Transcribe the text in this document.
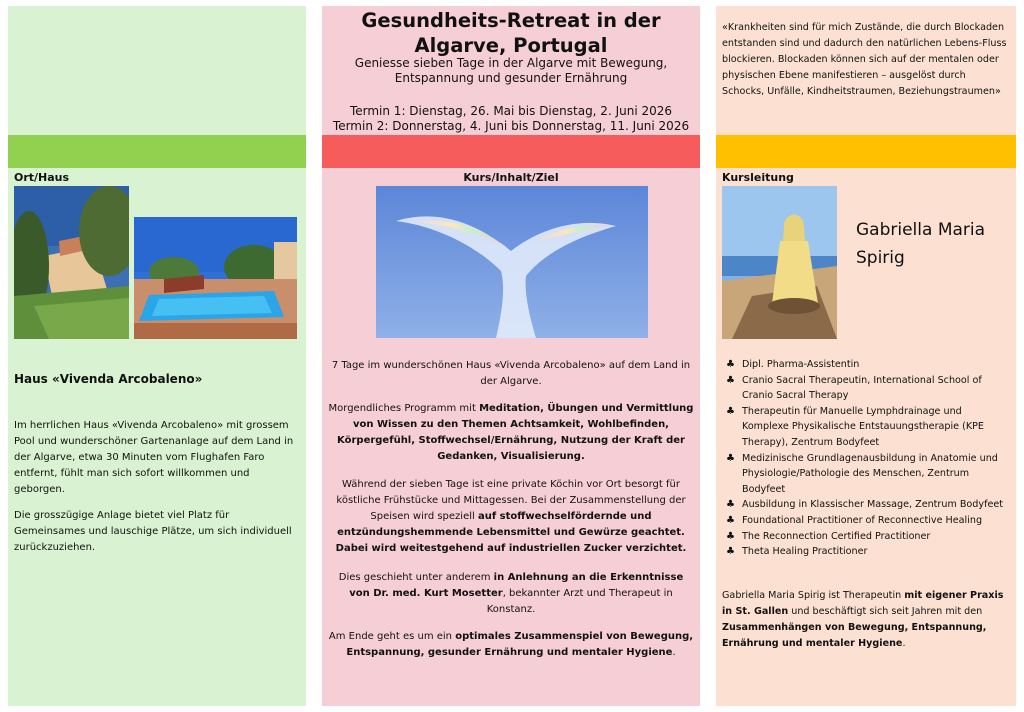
Ort/Haus
Haus «Vivenda Arcobaleno»

Im herrlichen Haus «Vivenda Arcobaleno» mit grossem Pool und wunderschöner Gartenanlage auf dem Land in der Algarve, etwa 30 Minuten vom Flughafen Faro entfernt, fühlt man sich sofort willkommen und geborgen.

Die grosszügige Anlage bietet viel Platz für Gemeinsames und lauschige Plätze, um sich individuell zurückzuziehen.

Gesundheits-Retreat in der
Algarve, Portugal
Geniesse sieben Tage in der Algarve mit Bewegung,
Entspannung und gesunder Ernährung
Termin 1: Dienstag, 26. Mai bis Dienstag, 2. Juni 2026
Termin 2: Donnerstag, 4. Juni bis Donnerstag, 11. Juni 2026
Kurs/Inhalt/Ziel

7 Tage im wunderschönen Haus «Vivenda Arcobaleno» auf dem Land in der Algarve.

Morgendliches Programm mit Meditation, Übungen und Vermittlung von Wissen zu den Themen Achtsamkeit, Wohlbefinden, Körpergefühl, Stoffwechsel/Ernährung, Nutzung der Kraft der Gedanken, Visualisierung.

Während der sieben Tage ist eine private Köchin vor Ort besorgt für köstliche Frühstücke und Mittagessen. Bei der Zusammenstellung der Speisen wird speziell auf stoffwechselfördernde und entzündungshemmende Lebensmittel und Gewürze geachtet. Dabei wird weitestgehend auf industriellen Zucker verzichtet.

Dies geschieht unter anderem in Anlehnung an die Erkenntnisse von Dr. med. Kurt Mosetter, bekannter Arzt und Therapeut in Konstanz.

Am Ende geht es um ein optimales Zusammenspiel von Bewegung, Entspannung, gesunder Ernährung und mentaler Hygiene.

«Krankheiten sind für mich Zustände, die durch Blockaden entstanden sind und dadurch den natürlichen Lebens-Fluss blockieren. Blockaden können sich auf der mentalen oder physischen Ebene manifestieren – ausgelöst durch Schocks, Unfälle, Kindheitstraumen, Beziehungstraumen»

Kursleitung
Gabriella Maria
Spirig
♣ Dipl. Pharma-Assistentin
♣ Cranio Sacral Therapeutin, International School of Cranio Sacral Therapy
♣ Therapeutin für Manuelle Lymphdrainage und Komplexe Physikalische Entstauungstherapie (KPE Therapy), Zentrum Bodyfeet
♣ Medizinische Grundlagenausbildung in Anatomie und Physiologie/Pathologie des Menschen, Zentrum Bodyfeet
♣ Ausbildung in Klassischer Massage, Zentrum Bodyfeet
♣ Foundational Practitioner of Reconnective Healing
♣ The Reconnection Certified Practitioner
♣ Theta Healing Practitioner

Gabriella Maria Spirig ist Therapeutin mit eigener Praxis in St. Gallen und beschäftigt sich seit Jahren mit den Zusammenhängen von Bewegung, Entspannung, Ernährung und mentaler Hygiene.
